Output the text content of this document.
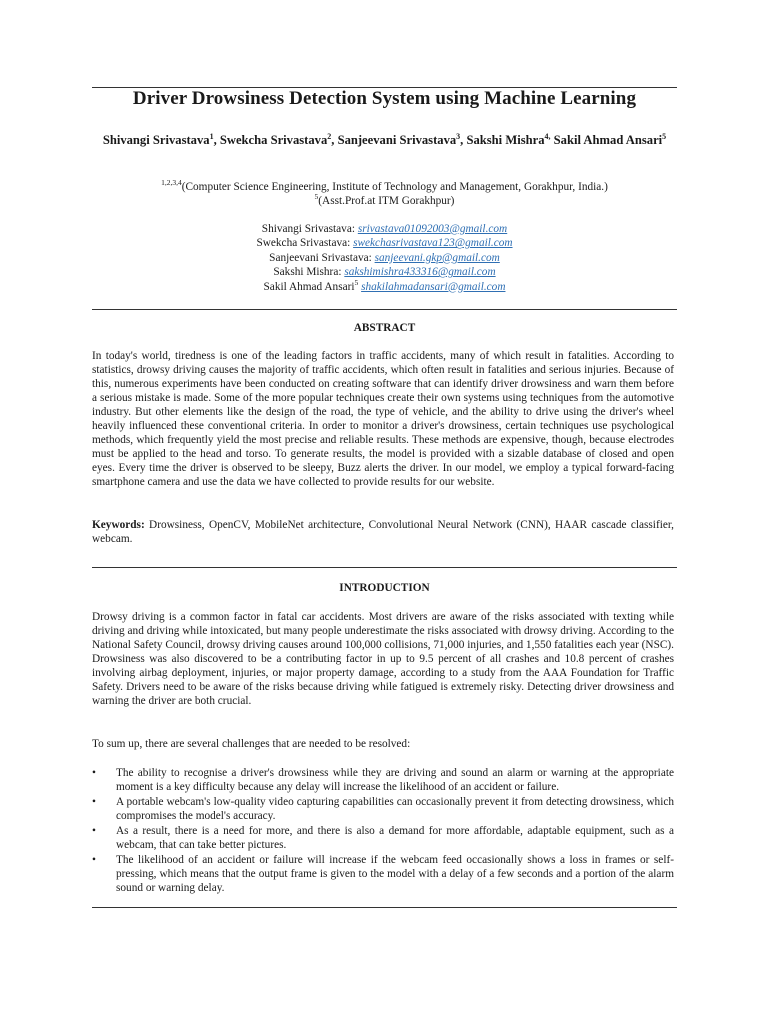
Driver Drowsiness Detection System using Machine Learning
Shivangi Srivastava$^1$, Swekcha Srivastava$^2$, Sanjeevani Srivastava$^3$, Sakshi Mishra$^{4,}$ Sakil Ahmad Ansari$^5$
$^{1,2,3,4}$(Computer Science Engineering, Institute of Technology and Management, Gorakhpur, India.)
$^5$(Asst.Prof.at ITM Gorakhpur)
Shivangi Srivastava: srivastava01092003@gmail.com
Swekcha Srivastava: swekchasrivastava123@gmail.com
Sanjeevani Srivastava: sanjeevani.gkp@gmail.com
Sakshi Mishra: sakshimishra433316@gmail.com
Sakil Ahmad Ansari$^5$ shakilahmadansari@gmail.com
ABSTRACT
In today's world, tiredness is one of the leading factors in traffic accidents, many of which result in fatalities. According to statistics, drowsy driving causes the majority of traffic accidents, which often result in fatalities and serious injuries. Because of this, numerous experiments have been conducted on creating software that can identify driver drowsiness and warn them before a serious mistake is made. Some of the more popular techniques create their own systems using techniques from the automotive industry. But other elements like the design of the road, the type of vehicle, and the ability to drive using the driver's wheel heavily influenced these conventional criteria. In order to monitor a driver's drowsiness, certain techniques use psychological methods, which frequently yield the most precise and reliable results. These methods are expensive, though, because electrodes must be applied to the head and torso. To generate results, the model is provided with a sizable database of closed and open eyes. Every time the driver is observed to be sleepy, Buzz alerts the driver. In our model, we employ a typical forward-facing smartphone camera and use the data we have collected to provide results for our website.
Keywords: Drowsiness, OpenCV, MobileNet architecture, Convolutional Neural Network (CNN), HAAR cascade classifier, webcam.
INTRODUCTION
Drowsy driving is a common factor in fatal car accidents. Most drivers are aware of the risks associated with texting while driving and driving while intoxicated, but many people underestimate the risks associated with drowsy driving. According to the National Safety Council, drowsy driving causes around 100,000 collisions, 71,000 injuries, and 1,550 fatalities each year (NSC). Drowsiness was also discovered to be a contributing factor in up to 9.5 percent of all crashes and 10.8 percent of crashes involving airbag deployment, injuries, or major property damage, according to a study from the AAA Foundation for Traffic Safety. Drivers need to be aware of the risks because driving while fatigued is extremely risky. Detecting driver drowsiness and warning the driver are both crucial.
To sum up, there are several challenges that are needed to be resolved:
• The ability to recognise a driver's drowsiness while they are driving and sound an alarm or warning at the appropriate moment is a key difficulty because any delay will increase the likelihood of an accident or failure.
• A portable webcam's low-quality video capturing capabilities can occasionally prevent it from detecting drowsiness, which compromises the model's accuracy.
• As a result, there is a need for more, and there is also a demand for more affordable, adaptable equipment, such as a webcam, that can take better pictures.
• The likelihood of an accident or failure will increase if the webcam feed occasionally shows a loss in frames or self-pressing, which means that the output frame is given to the model with a delay of a few seconds and a portion of the alarm sound or warning delay.
